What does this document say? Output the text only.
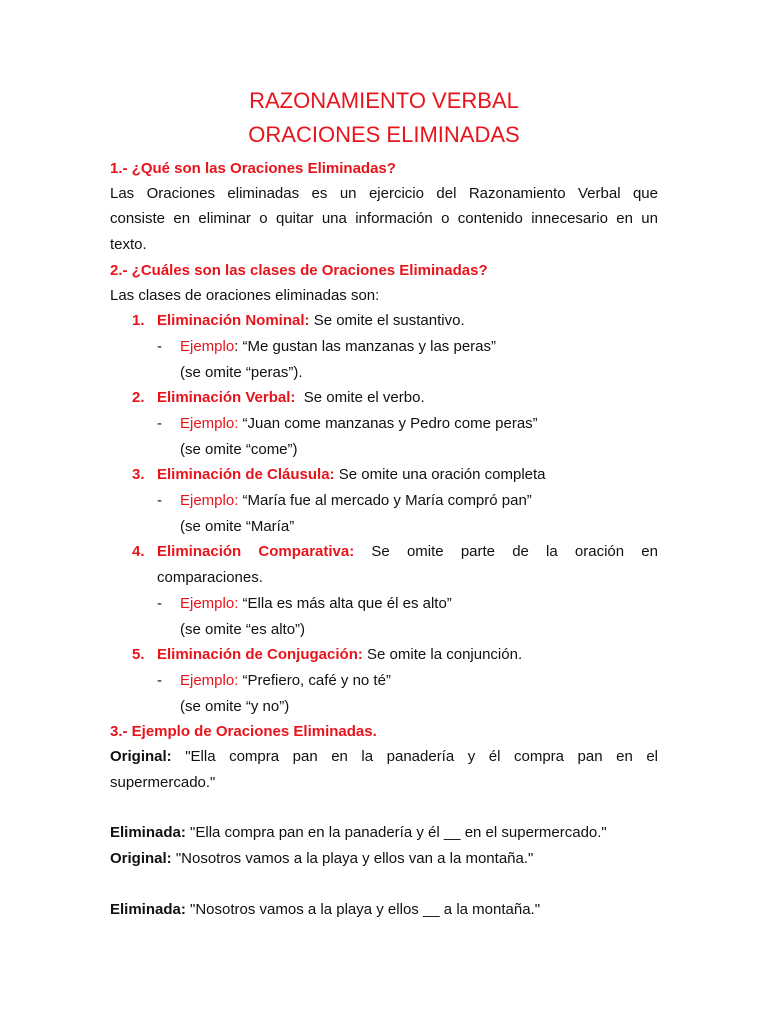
RAZONAMIENTO VERBAL
ORACIONES ELIMINADAS
1.- ¿Qué son las Oraciones Eliminadas?
Las Oraciones eliminadas es un ejercicio del Razonamiento Verbal que
consiste en eliminar o quitar una información o contenido innecesario en un
texto.
2.- ¿Cuáles son las clases de Oraciones Eliminadas?
Las clases de oraciones eliminadas son:
1. Eliminación Nominal: Se omite el sustantivo.
- Ejemplo: “Me gustan las manzanas y las peras”
(se omite “peras”).
2. Eliminación Verbal:  Se omite el verbo.
- Ejemplo: “Juan come manzanas y Pedro come peras”
(se omite “come”)
3. Eliminación de Cláusula: Se omite una oración completa
- Ejemplo: “María fue al mercado y María compró pan”
(se omite “María”
4. Eliminación Comparativa: Se omite parte de la oración en
comparaciones.
- Ejemplo: “Ella es más alta que él es alto”
(se omite “es alto”)
5. Eliminación de Conjugación: Se omite la conjunción.
- Ejemplo: “Prefiero, café y no té”
(se omite “y no”)
3.- Ejemplo de Oraciones Eliminadas.
Original: "Ella compra pan en la panadería y él compra pan en el
supermercado."
Eliminada: "Ella compra pan en la panadería y él __ en el supermercado."
Original: "Nosotros vamos a la playa y ellos van a la montaña."
Eliminada: "Nosotros vamos a la playa y ellos __ a la montaña."
